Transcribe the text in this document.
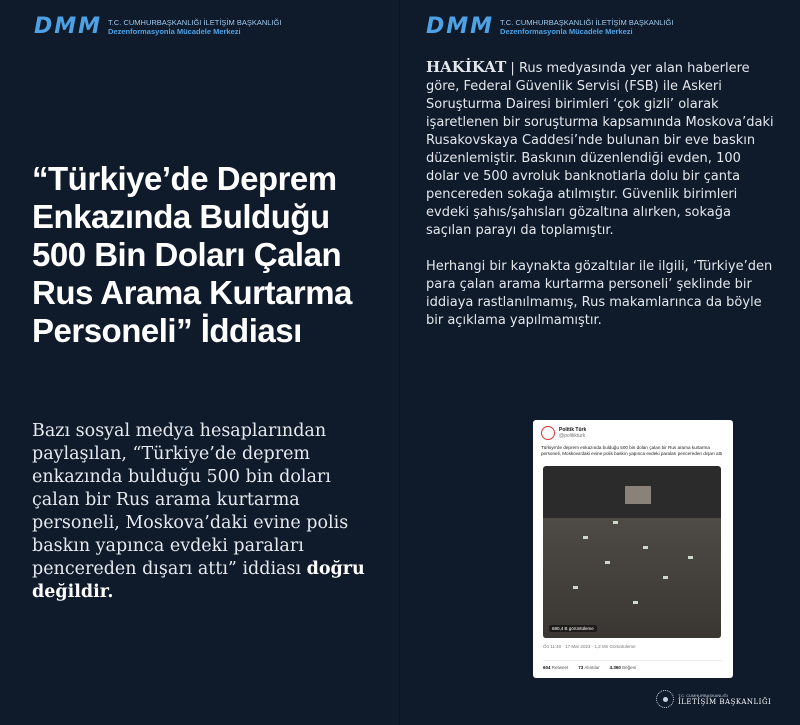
DMM T.C. CUMHURBAŞKANLIĞI İLETİŞİM BAŞKANLIĞI
Dezenformasyonla Mücadele Merkezi
“Türkiye’de Deprem Enkazında Bulduğu 500 Bin Doları Çalan Rus Arama Kurtarma Personeli” İddiası
Bazı sosyal medya hesaplarından paylaşılan, “Türkiye’de deprem enkazında bulduğu 500 bin doları çalan bir Rus arama kurtarma personeli, Moskova’daki evine polis baskın yapınca evdeki paraları pencereden dışarı attı” iddiası doğru değildir.
DMM T.C. CUMHURBAŞKANLIĞI İLETİŞİM BAŞKANLIĞI
Dezenformasyonla Mücadele Merkezi

HAKİKAT | Rus medyasında yer alan haberlere göre, Federal Güvenlik Servisi (FSB) ile Askeri Soruşturma Dairesi birimleri ‘çok gizli’ olarak işaretlenen bir soruşturma kapsamında Moskova’daki Rusakovskaya Caddesi’nde bulunan bir eve baskın düzenlemiştir. Baskının düzenlendiği evden, 100 dolar ve 500 avroluk banknotlarla dolu bir çanta pencereden sokağa atılmıştır. Güvenlik birimleri evdeki şahıs/şahısları gözaltına alırken, sokağa saçılan parayı da toplamıştır.

Herhangi bir kaynakta gözaltılar ile ilgili, ‘Türkiye’den para çalan arama kurtarma personeli’ şeklinde bir iddiaya rastlanılmamış, Rus makamlarınca da böyle bir açıklama yapılmamıştır.

Politik Türk
@politikturk
Türkiye'de deprem enkazında bulduğu 500 bin doları çalan bir Rus arama kurtarma personeli, Moskova'daki evine polis baskın yapınca evdeki paraları pencereden dışarı attı
690,4 B görüntüleme
Öö 11:40 · 17 Mar 2023 · 1,2 Mn Görüntüleme
604 Retweet 73 Alıntılar 4.360 Beğeni
T.C. CUMHURBAŞKANLIĞI
İLETİŞİM BAŞKANLIĞI
